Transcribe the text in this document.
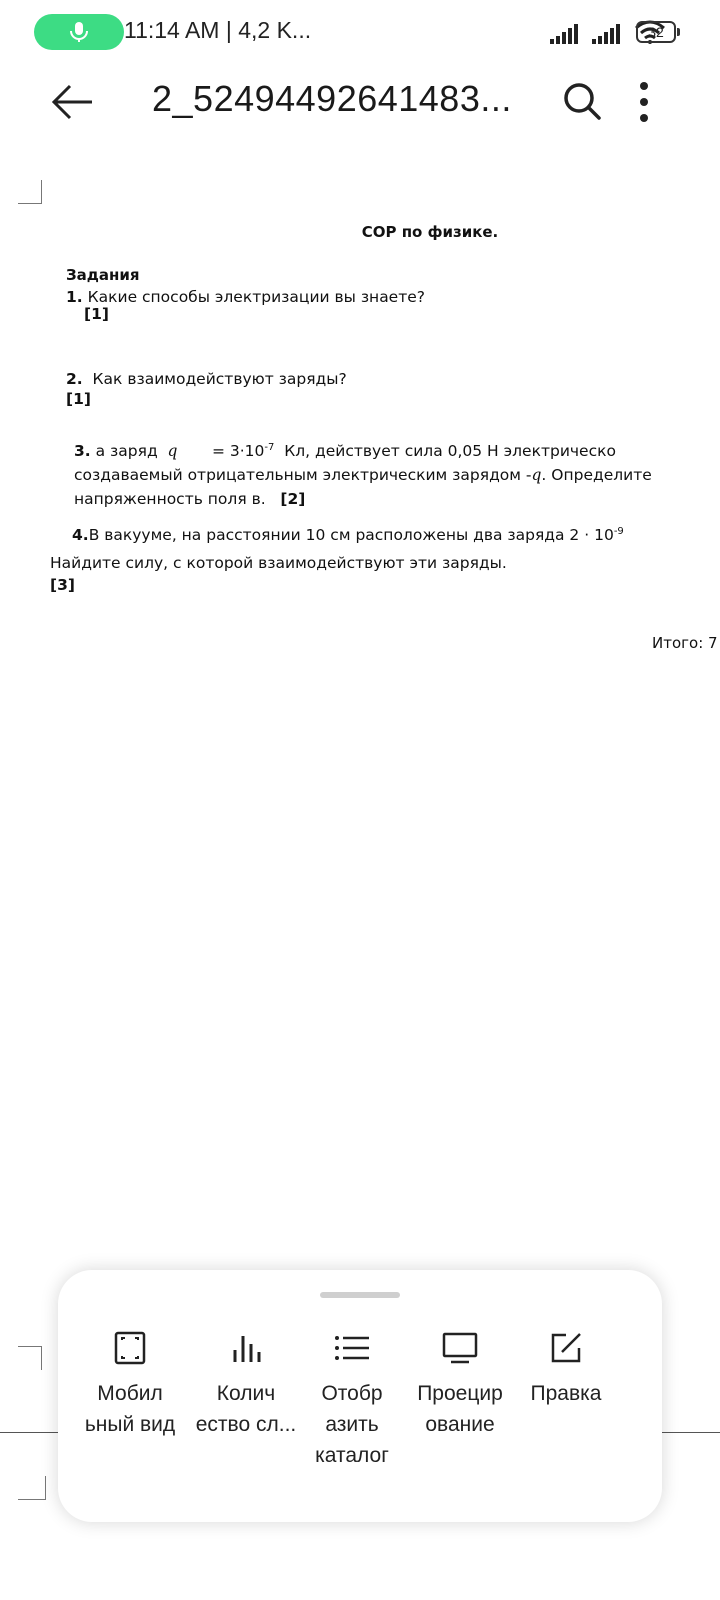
11:14 AM | 4,2 K...	32
2_52494492641483...
СОР по физике.
Задания
1. Какие способы электризации вы знаете?
[1]
2. Как взаимодействуют заряды?
[1]
3. а заряд $q = 3\cdot 10^{-7}$ Кл, действует сила 0,05 Н электрическо
создаваемый отрицательным электрическим зарядом -q. Определите
напряженность поля в. [2]
4.В вакууме, на расстоянии 10 см расположены два заряда $2 \cdot 10^{-9}$
Найдите силу, с которой взаимодействуют эти заряды.
[3]
Итого: 7
Мобил
ьный вид
Колич
ество сл...
Отобр
азить
каталог
Проецир
ование
Правка
